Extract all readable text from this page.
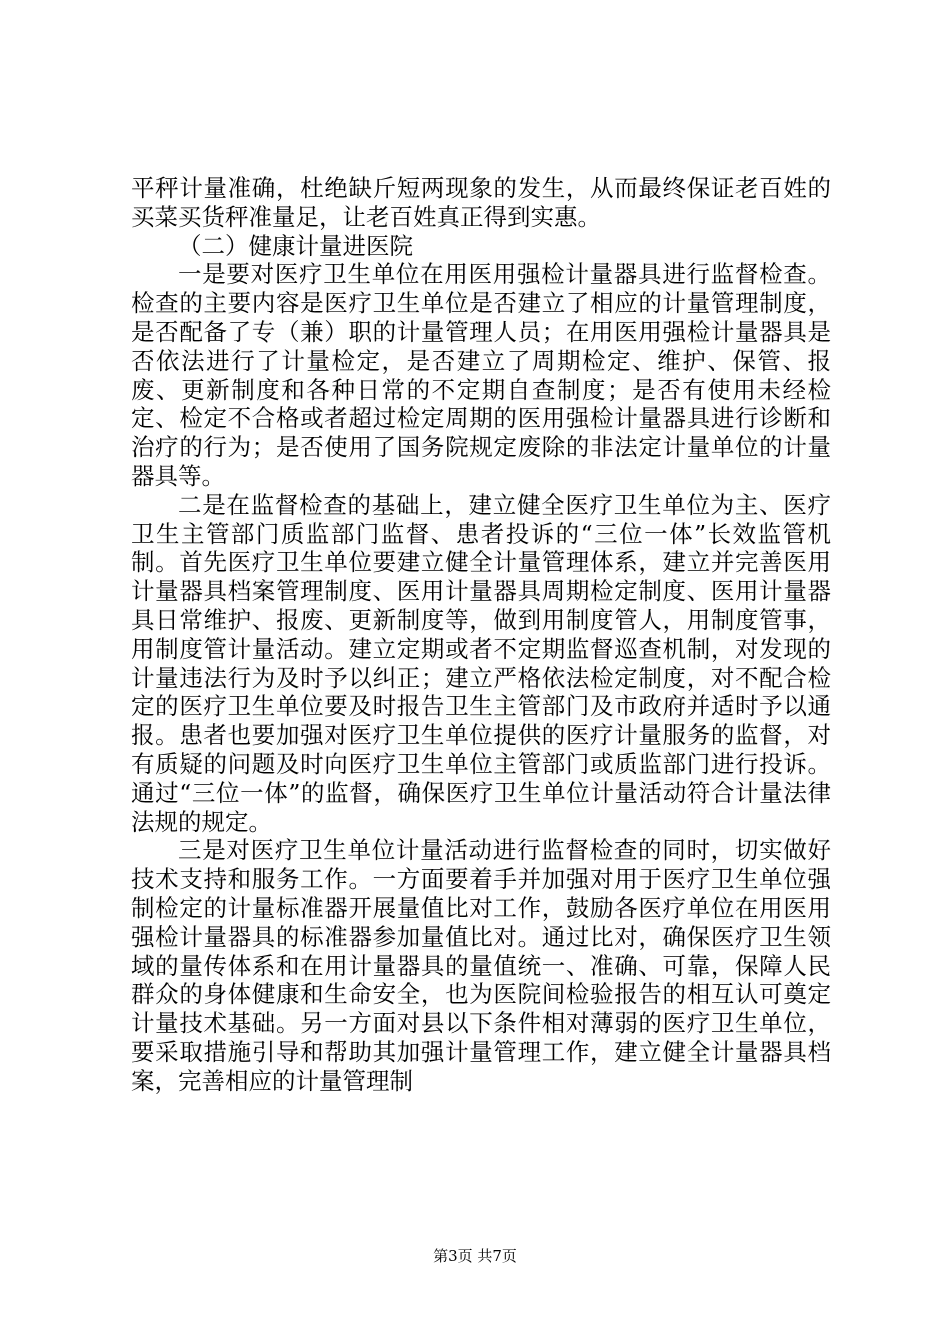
平秤计量准确，杜绝缺斤短两现象的发生，从而最终保证老百姓的买菜买货秤准量足，让老百姓真正得到实惠。

（二）健康计量进医院

一是要对医疗卫生单位在用医用强检计量器具进行监督检查。检查的主要内容是医疗卫生单位是否建立了相应的计量管理制度，是否配备了专（兼）职的计量管理人员；在用医用强检计量器具是否依法进行了计量检定，是否建立了周期检定、维护、保管、报废、更新制度和各种日常的不定期自查制度；是否有使用未经检定、检定不合格或者超过检定周期的医用强检计量器具进行诊断和治疗的行为；是否使用了国务院规定废除的非法定计量单位的计量器具等。

二是在监督检查的基础上，建立健全医疗卫生单位为主、医疗卫生主管部门质监部门监督、患者投诉的“三位一体”长效监管机制。首先医疗卫生单位要建立健全计量管理体系，建立并完善医用计量器具档案管理制度、医用计量器具周期检定制度、医用计量器具日常维护、报废、更新制度等，做到用制度管人，用制度管事，用制度管计量活动。建立定期或者不定期监督巡查机制，对发现的计量违法行为及时予以纠正；建立严格依法检定制度，对不配合检定的医疗卫生单位要及时报告卫生主管部门及市政府并适时予以通报。患者也要加强对医疗卫生单位提供的医疗计量服务的监督，对有质疑的问题及时向医疗卫生单位主管部门或质监部门进行投诉。通过“三位一体”的监督，确保医疗卫生单位计量活动符合计量法律法规的规定。

三是对医疗卫生单位计量活动进行监督检查的同时，切实做好技术支持和服务工作。一方面要着手并加强对用于医疗卫生单位强制检定的计量标准器开展量值比对工作，鼓励各医疗单位在用医用强检计量器具的标准器参加量值比对。通过比对，确保医疗卫生领域的量传体系和在用计量器具的量值统一、准确、可靠，保障人民群众的身体健康和生命安全，也为医院间检验报告的相互认可奠定计量技术基础。另一方面对县以下条件相对薄弱的医疗卫生单位，要采取措施引导和帮助其加强计量管理工作，建立健全计量器具档案，完善相应的计量管理制

第3页 共7页
